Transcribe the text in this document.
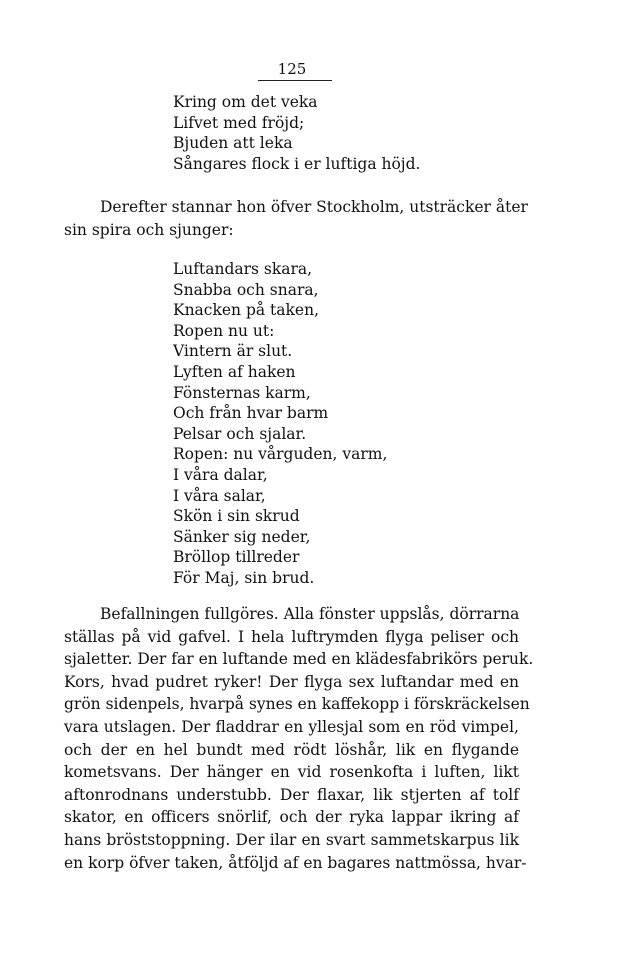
125
Kring om det veka
Lifvet med fröjd;
Bjuden att leka
Sångares flock i er luftiga höjd.

Derefter stannar hon öfver Stockholm, utsträcker åter
sin spira och sjunger:

Luftandars skara,
Snabba och snara,
Knacken på taken,
Ropen nu ut:
Vintern är slut.
Lyften af haken
Fönsternas karm,
Och från hvar barm
Pelsar och sjalar.
Ropen: nu vårguden, varm,
I våra dalar,
I våra salar,
Skön i sin skrud
Sänker sig neder,
Bröllop tillreder
För Maj, sin brud.

Befallningen fullgöres. Alla fönster uppslås, dörrarna
ställas på vid gafvel. I hela luftrymden flyga peliser och
sjaletter. Der far en luftande med en klädesfabrikörs peruk.
Kors, hvad pudret ryker! Der flyga sex luftandar med en
grön sidenpels, hvarpå synes en kaffekopp i förskräckelsen
vara utslagen. Der fladdrar en yllesjal som en röd vimpel,
och der en hel bundt med rödt löshår, lik en flygande
kometsvans. Der hänger en vid rosenkofta i luften, likt
aftonrodnans understubb. Der flaxar, lik stjerten af tolf
skator, en officers snörlif, och der ryka lappar ikring af
hans bröststoppning. Der ilar en svart sammetskarpus lik
en korp öfver taken, åtföljd af en bagares nattmössa, hvar-
